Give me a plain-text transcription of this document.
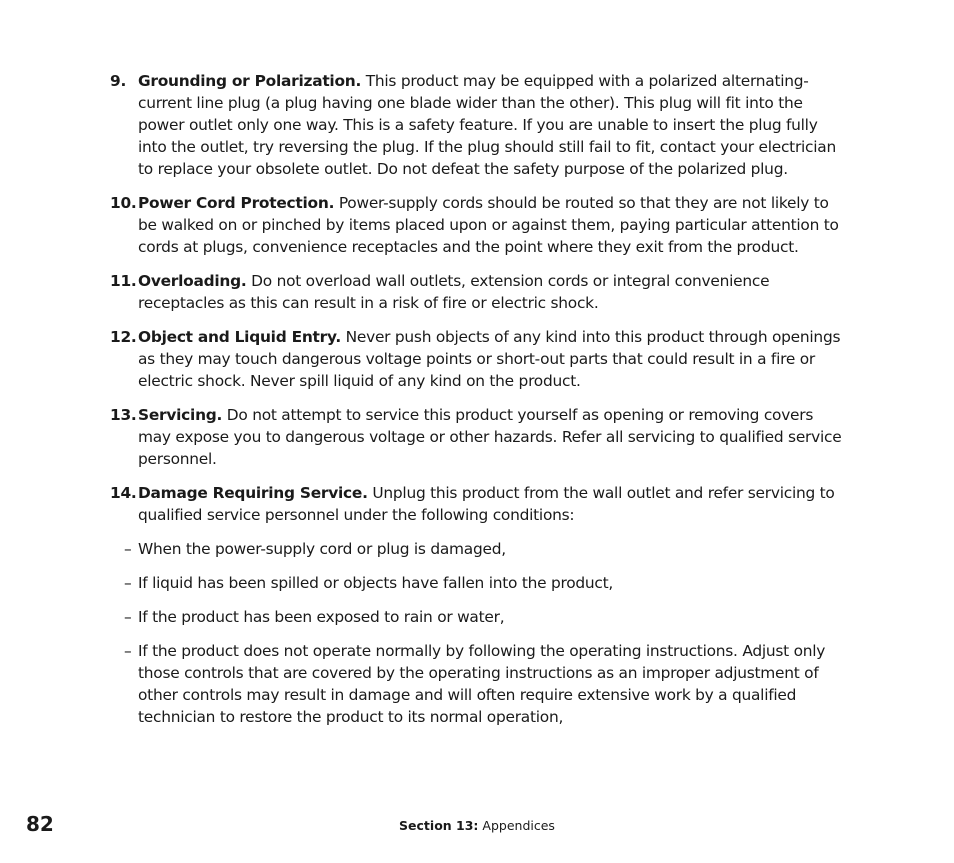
9. Grounding or Polarization. This product may be equipped with a polarized alternating-current line plug (a plug having one blade wider than the other). This plug will fit into the power outlet only one way. This is a safety feature. If you are unable to insert the plug fully into the outlet, try reversing the plug. If the plug should still fail to fit, contact your electrician to replace your obsolete outlet. Do not defeat the safety purpose of the polarized plug.
10. Power Cord Protection. Power-supply cords should be routed so that they are not likely to be walked on or pinched by items placed upon or against them, paying particular attention to cords at plugs, convenience receptacles and the point where they exit from the product.
11. Overloading. Do not overload wall outlets, extension cords or integral convenience receptacles as this can result in a risk of fire or electric shock.
12. Object and Liquid Entry. Never push objects of any kind into this product through openings as they may touch dangerous voltage points or short-out parts that could result in a fire or electric shock. Never spill liquid of any kind on the product.
13. Servicing. Do not attempt to service this product yourself as opening or removing covers may expose you to dangerous voltage or other hazards. Refer all servicing to qualified service personnel.
14. Damage Requiring Service. Unplug this product from the wall outlet and refer servicing to qualified service personnel under the following conditions:
– When the power-supply cord or plug is damaged,
– If liquid has been spilled or objects have fallen into the product,
– If the product has been exposed to rain or water,
– If the product does not operate normally by following the operating instructions. Adjust only those controls that are covered by the operating instructions as an improper adjustment of other controls may result in damage and will often require extensive work by a qualified technician to restore the product to its normal operation,
82	Section 13: Appendices
